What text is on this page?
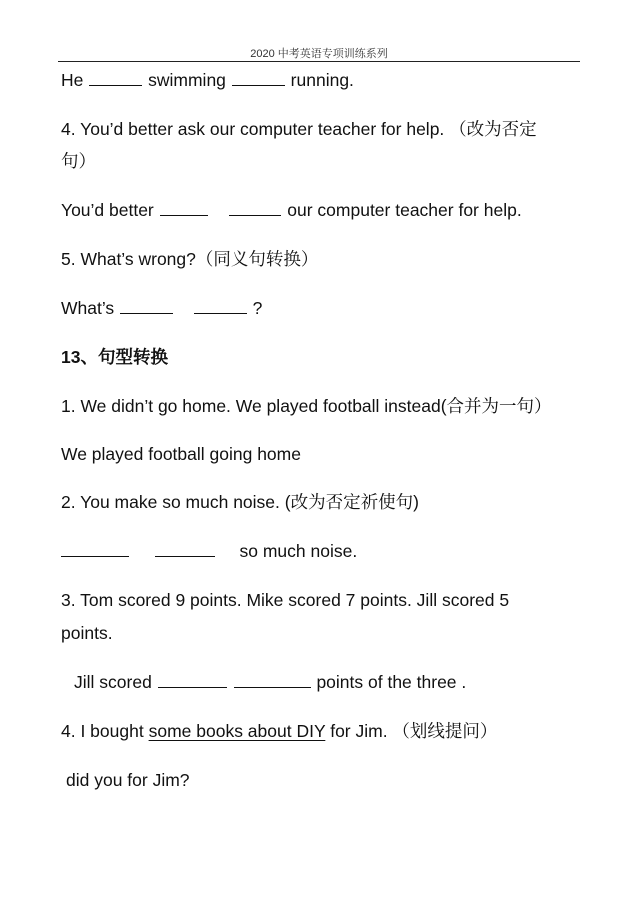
2020 中考英语专项训练系列
He	swimming	running.
4. You’d better ask our computer teacher for help. （改为否定
句）
You’d better	our computer teacher for help.
5. What’s wrong?（同义句转换）
What’s	?
13、句型转换
1. We didn’t go home. We played football instead(合并为一句）
We played football going home
2. You make so much noise. (改为否定祈使句)
so much noise.
3. Tom scored 9 points. Mike scored 7 points. Jill scored 5
points.
Jill scored	points of the three .
4. I bought some books about DIY for Jim. （划线提问）
did you for Jim?
